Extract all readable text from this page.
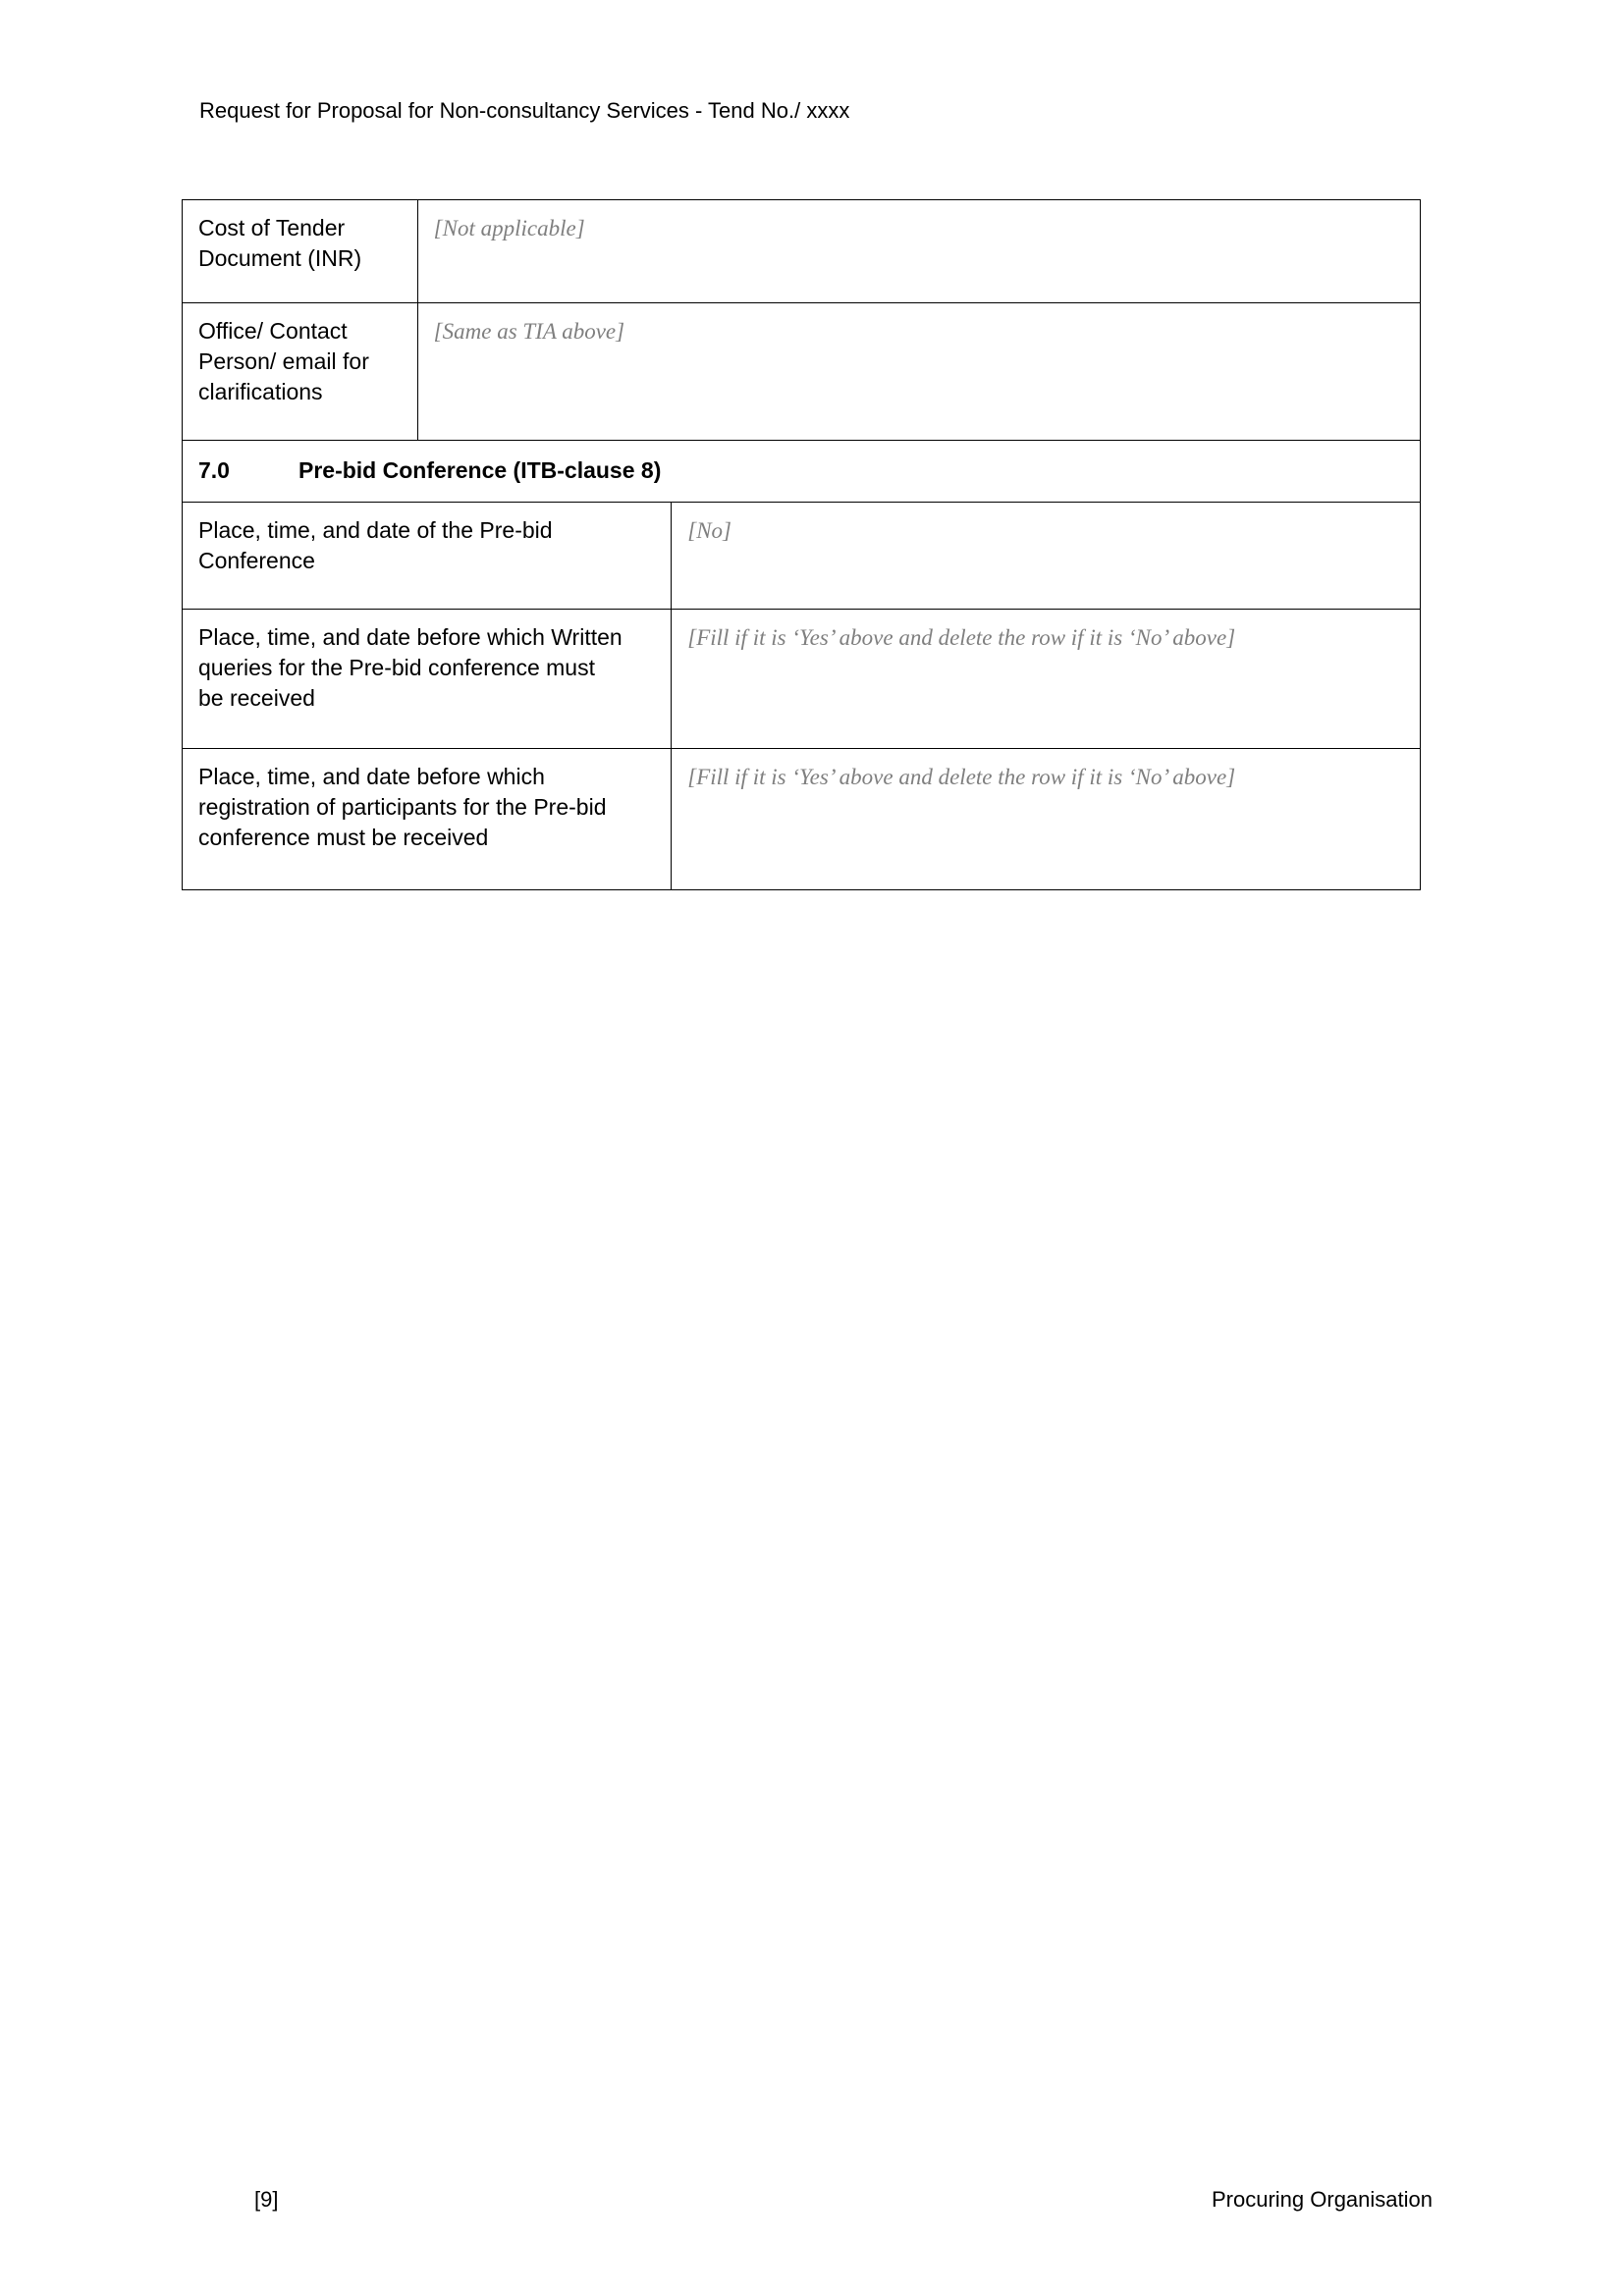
Request for Proposal for Non-consultancy Services - Tend No./ xxxx
Cost of Tender Document (INR)
[Not applicable]
Office/ Contact Person/ email for clarifications
[Same as TIA above]
7.0	Pre-bid Conference (ITB-clause 8)
Place, time, and date of the Pre-bid Conference
[No]
Place, time, and date before which Written queries for the Pre-bid conference must be received
[Fill if it is ‘Yes’ above and delete the row if it is ‘No’ above]
Place, time, and date before which registration of participants for the Pre-bid conference must be received
[Fill if it is ‘Yes’ above and delete the row if it is ‘No’ above]
[9]	Procuring Organisation
